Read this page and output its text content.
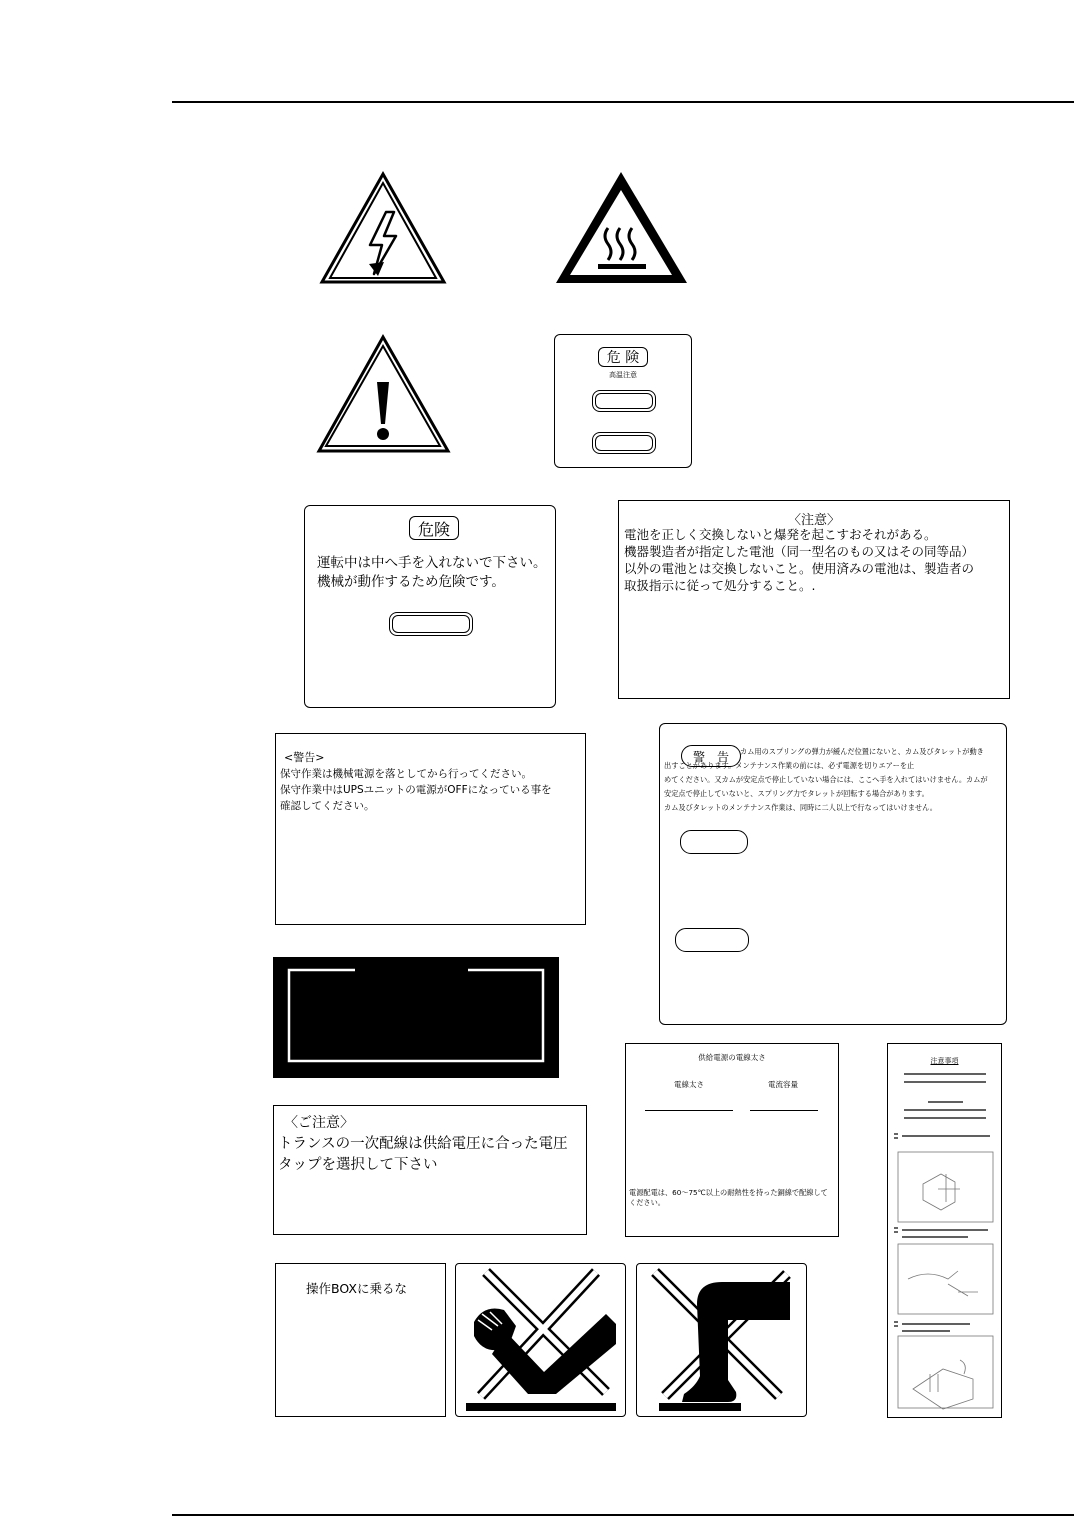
危 険
高温注意
危険
運転中は中へ手を入れないで下さい。
機械が動作するため危険です。
〈注意〉
電池を正しく交換しないと爆発を起こすおそれがある。
機器製造者が指定した電池（同一型名のもの又はその同等品）
以外の電池とは交換しないこと。使用済みの電池は、製造者の
取扱指示に従って処分すること。.
<警告>
保守作業は機械電源を落としてから行ってください。
保守作業中はUPSユニットの電源がOFFになっている事を
確認してください。
警　告	カム用のスプリングの弾力が緩んだ位置にないと、カム及びタレットが動き
出すことがあります。メンテナンス作業の前には、必ず電源を切りエアーを止
めてください。又カムが安定点で停止していない場合には、ここへ手を入れてはいけません。カムが
安定点で停止していないと、スプリング力でタレットが回転する場合があります。
カム及びタレットのメンテナンス作業は、同時に二人以上で行なってはいけません。
〈ご注意〉
トランスの一次配線は供給電圧に合った電圧
タップを選択して下さい
供給電源の電線太さ
電線太さ	電流容量
電源配電は、60～75℃以上の耐熱性を持った銅線で配線して
ください。
注意事項
操作BOXに乗るな
